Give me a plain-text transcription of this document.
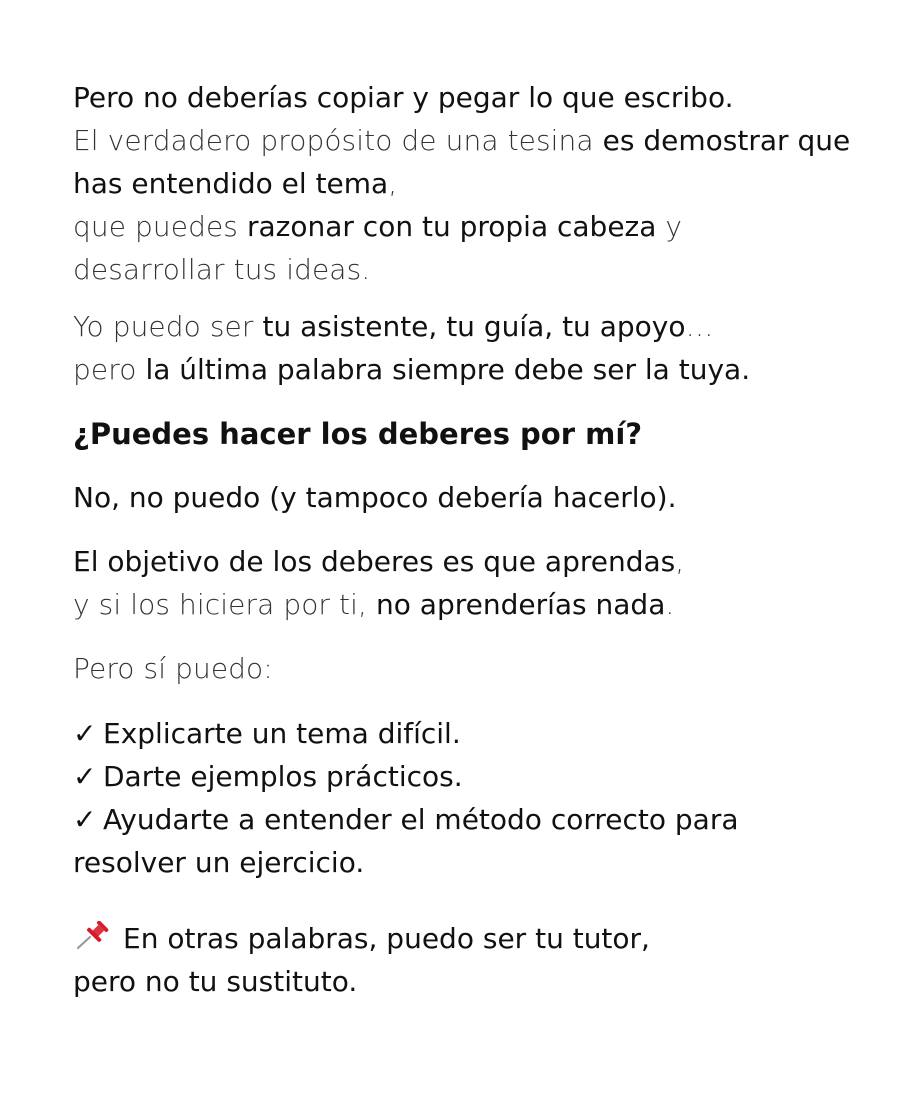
Pero no deberías copiar y pegar lo que escribo.
El verdadero propósito de una tesina es demostrar que
has entendido el tema,
que puedes razonar con tu propia cabeza y
desarrollar tus ideas.
Yo puedo ser tu asistente, tu guía, tu apoyo…
pero la última palabra siempre debe ser la tuya.
¿Puedes hacer los deberes por mí?
No, no puedo (y tampoco debería hacerlo).
El objetivo de los deberes es que aprendas,
y si los hiciera por ti, no aprenderías nada.
Pero sí puedo:
✓ Explicarte un tema difícil.
✓ Darte ejemplos prácticos.
✓ Ayudarte a entender el método correcto para
resolver un ejercicio.
En otras palabras, puedo ser tu tutor,
pero no tu sustituto.
